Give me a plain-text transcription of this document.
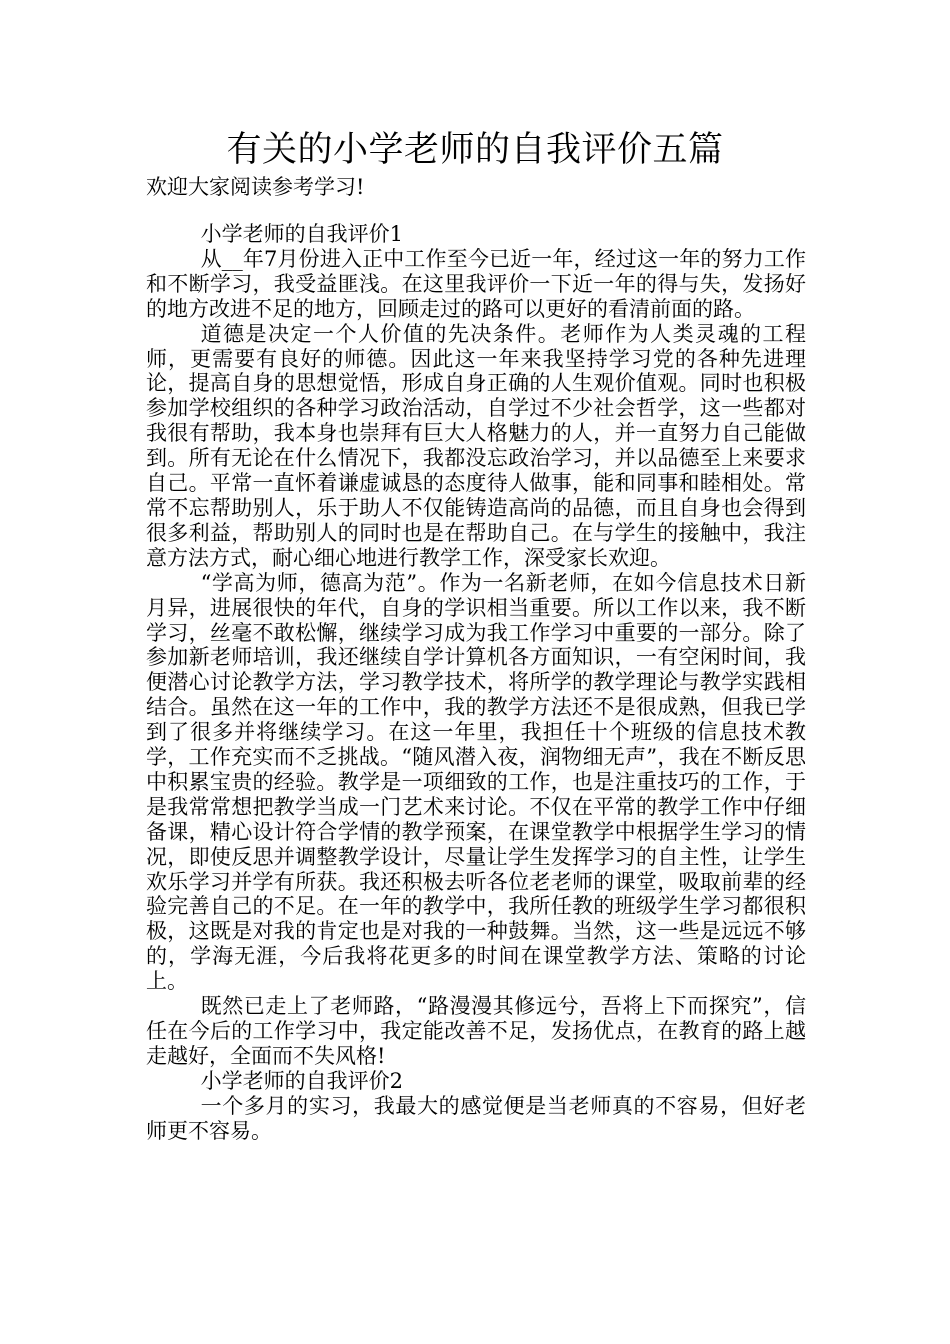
有关的小学老师的自我评价五篇
欢迎大家阅读参考学习!

小学老师的自我评价1

从__年7月份进入正中工作至今已近一年，经过这一年的努力工作和不断学习，我受益匪浅。在这里我评价一下近一年的得与失，发扬好的地方改进不足的地方，回顾走过的路可以更好的看清前面的路。

道德是决定一个人价值的先决条件。老师作为人类灵魂的工程师，更需要有良好的师德。因此这一年来我坚持学习党的各种先进理论，提高自身的思想觉悟，形成自身正确的人生观价值观。同时也积极参加学校组织的各种学习政治活动，自学过不少社会哲学，这一些都对我很有帮助，我本身也崇拜有巨大人格魅力的人，并一直努力自己能做到。所有无论在什么情况下，我都没忘政治学习，并以品德至上来要求自己。平常一直怀着谦虚诚恳的态度待人做事，能和同事和睦相处。常常不忘帮助别人，乐于助人不仅能铸造高尚的品德，而且自身也会得到很多利益，帮助别人的同时也是在帮助自己。在与学生的接触中，我注意方法方式，耐心细心地进行教学工作，深受家长欢迎。

“学高为师，德高为范”。作为一名新老师，在如今信息技术日新月异，进展很快的年代，自身的学识相当重要。所以工作以来，我不断学习，丝毫不敢松懈，继续学习成为我工作学习中重要的一部分。除了参加新老师培训，我还继续自学计算机各方面知识，一有空闲时间，我便潜心讨论教学方法，学习教学技术，将所学的教学理论与教学实践相结合。虽然在这一年的工作中，我的教学方法还不是很成熟，但我已学到了很多并将继续学习。在这一年里，我担任十个班级的信息技术教学，工作充实而不乏挑战。“随风潜入夜，润物细无声”，我在不断反思中积累宝贵的经验。教学是一项细致的工作，也是注重技巧的工作，于是我常常想把教学当成一门艺术来讨论。不仅在平常的教学工作中仔细备课，精心设计符合学情的教学预案，在课堂教学中根据学生学习的情况，即使反思并调整教学设计，尽量让学生发挥学习的自主性，让学生欢乐学习并学有所获。我还积极去听各位老老师的课堂，吸取前辈的经验完善自己的不足。在一年的教学中，我所任教的班级学生学习都很积极，这既是对我的肯定也是对我的一种鼓舞。当然，这一些是远远不够的，学海无涯，今后我将花更多的时间在课堂教学方法、策略的讨论上。

既然已走上了老师路，“路漫漫其修远兮，吾将上下而探究”，信任在今后的工作学习中，我定能改善不足，发扬优点，在教育的路上越走越好，全面而不失风格!

小学老师的自我评价2

一个多月的实习，我最大的感觉便是当老师真的不容易，但好老师更不容易。
